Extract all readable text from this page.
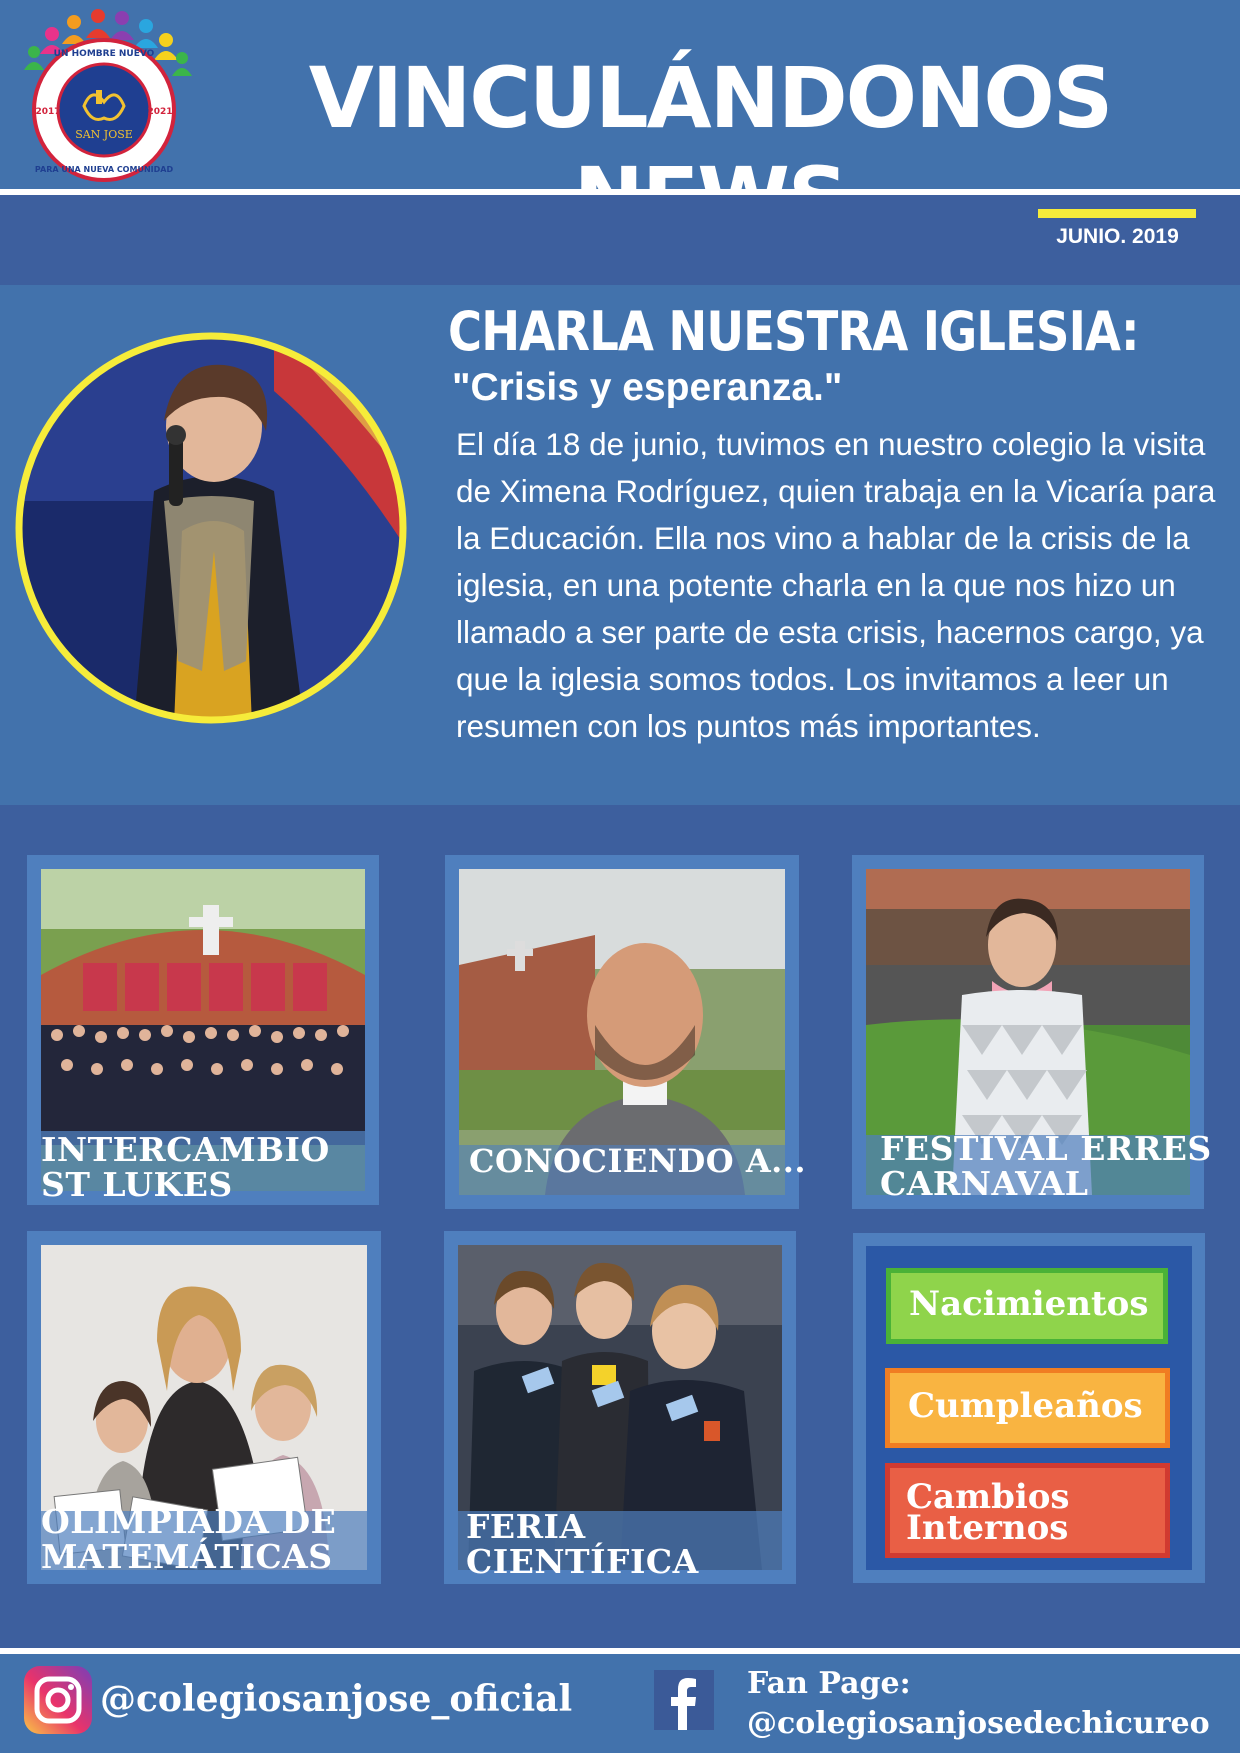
SAN JOSE
UN HOMBRE NUEVO
PARA UNA NUEVA COMUNIDAD
2017	2021	VINCULÁNDONOS
JUNIO. 2019
CHARLA NUESTRA IGLESIA:
"Crisis y esperanza."
El día 18 de junio, tuvimos en nuestro colegio la visita de Ximena Rodríguez, quien trabaja en la Vicaría para la Educación. Ella nos vino a hablar de la crisis de la iglesia, en una potente charla en la que nos hizo un llamado a ser parte de esta crisis, hacernos cargo, ya que la iglesia somos todos. Los invitamos a leer un resumen con los puntos más importantes.
INTERCAMBIO
ST LUKES
CONOCIENDO A... FESTIVAL ERRES
CARNAVAL
OLIMPIADA DE
MATEMÁTICAS
FERIA
CIENTÍFICA
Nacimientos
Cumpleaños
Cambios
Internos
@colegiosanjose_oficial	Fan Page:
@colegiosanjosedechicureo
